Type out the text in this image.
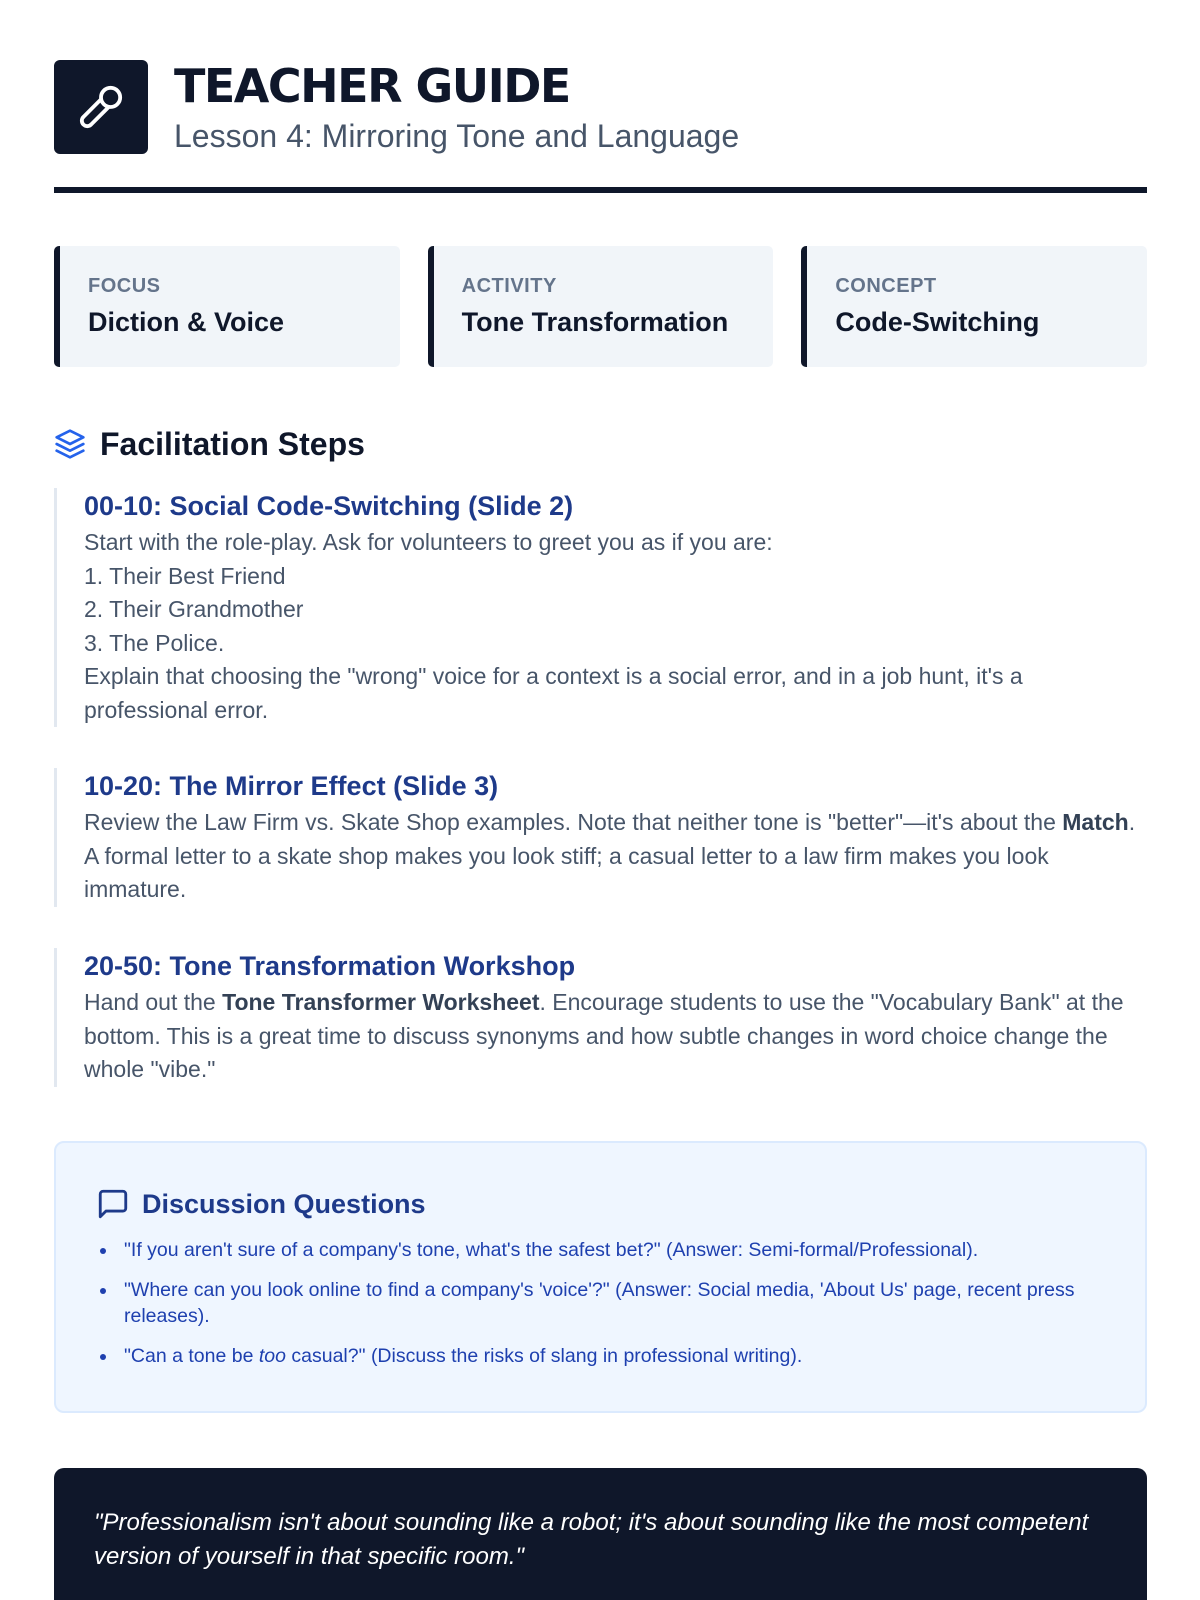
TEACHER GUIDE
Lesson 4: Mirroring Tone and Language
FOCUS
Diction & Voice
ACTIVITY
Tone Transformation
CONCEPT
Code-Switching
Facilitation Steps
00-10: Social Code-Switching (Slide 2)
Start with the role-play. Ask for volunteers to greet you as if you are:
1. Their Best Friend
2. Their Grandmother
3. The Police.
Explain that choosing the "wrong" voice for a context is a social error, and in a job hunt, it's a professional error.
10-20: The Mirror Effect (Slide 3)
Review the Law Firm vs. Skate Shop examples. Note that neither tone is "better"—it's about the Match. A formal letter to a skate shop makes you look stiff; a casual letter to a law firm makes you look immature.
20-50: Tone Transformation Workshop
Hand out the Tone Transformer Worksheet. Encourage students to use the "Vocabulary Bank" at the bottom. This is a great time to discuss synonyms and how subtle changes in word choice change the whole "vibe."
Discussion Questions
"If you aren't sure of a company's tone, what's the safest bet?" (Answer: Semi-formal/Professional).
"Where can you look online to find a company's 'voice'?" (Answer: Social media, 'About Us' page, recent press releases).
"Can a tone be too casual?" (Discuss the risks of slang in professional writing).

"Professionalism isn't about sounding like a robot; it's about sounding like the most competent version of yourself in that specific room."
